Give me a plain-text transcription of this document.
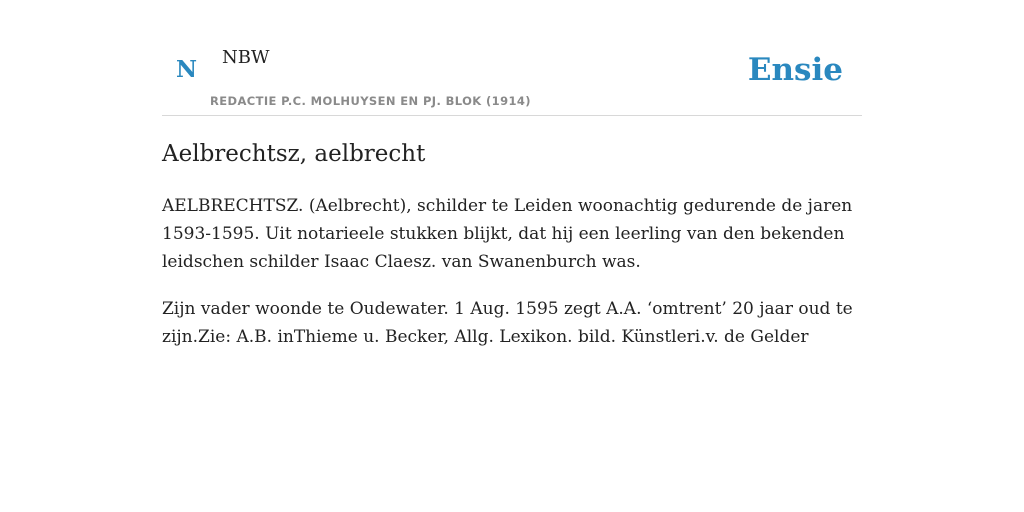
N NBW
REDACTIE P.C. MOLHUYSEN EN PJ. BLOK (1914)
Ensie
Aelbrechtsz, aelbrecht

AELBRECHTSZ. (Aelbrecht), schilder te Leiden woonachtig gedurende de jaren 1593-1595. Uit notarieele stukken blijkt, dat hij een leerling van den bekenden leidschen schilder Isaac Claesz. van Swanenburch was.

Zijn vader woonde te Oudewater. 1 Aug. 1595 zegt A.A. ‘omtrent’ 20 jaar oud te zijn.Zie: A.B. inThieme u. Becker, Allg. Lexikon. bild. Künstleri.v. de Gelder
